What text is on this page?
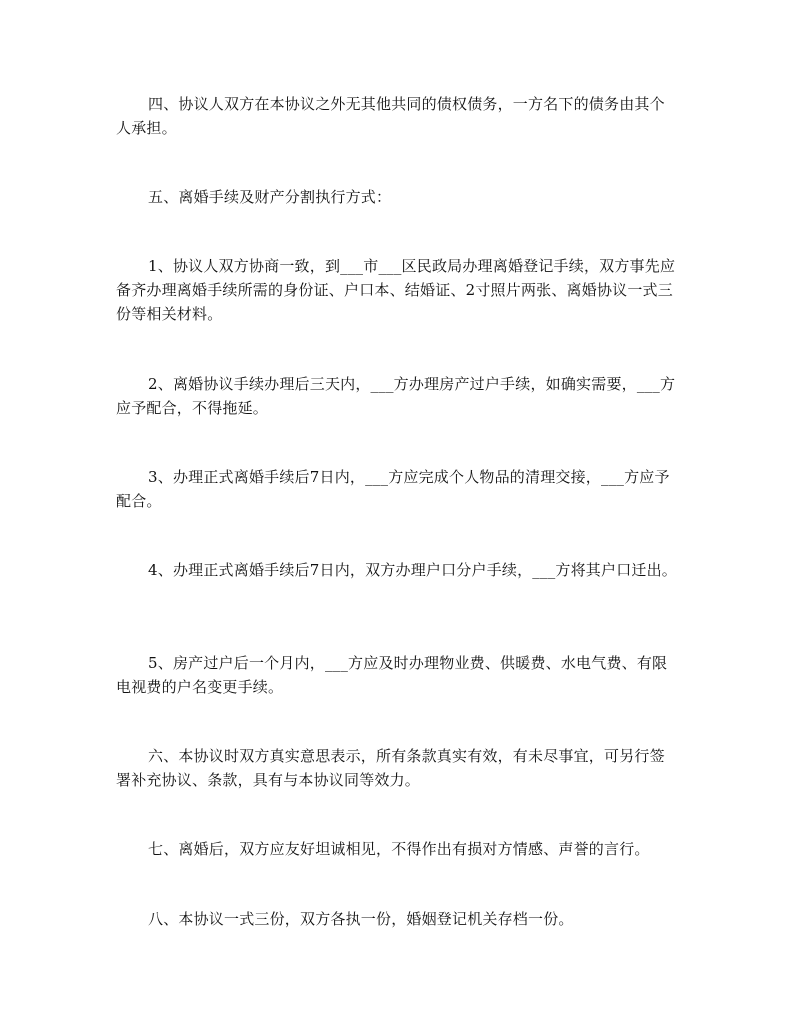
四、协议人双方在本协议之外无其他共同的债权债务，一方名下的债务由其个人承担。

五、离婚手续及财产分割执行方式：

1、协议人双方协商一致，到___市___区民政局办理离婚登记手续，双方事先应备齐办理离婚手续所需的身份证、户口本、结婚证、2寸照片两张、离婚协议一式三份等相关材料。

2、离婚协议手续办理后三天内，___方办理房产过户手续，如确实需要，___方应予配合，不得拖延。

3、办理正式离婚手续后7日内，___方应完成个人物品的清理交接，___方应予配合。

4、办理正式离婚手续后7日内，双方办理户口分户手续，___方将其户口迁出。

5、房产过户后一个月内，___方应及时办理物业费、供暖费、水电气费、有限电视费的户名变更手续。

六、本协议时双方真实意思表示，所有条款真实有效，有未尽事宜，可另行签署补充协议、条款，具有与本协议同等效力。

七、离婚后，双方应友好坦诚相见，不得作出有损对方情感、声誉的言行。

八、本协议一式三份，双方各执一份，婚姻登记机关存档一份。
